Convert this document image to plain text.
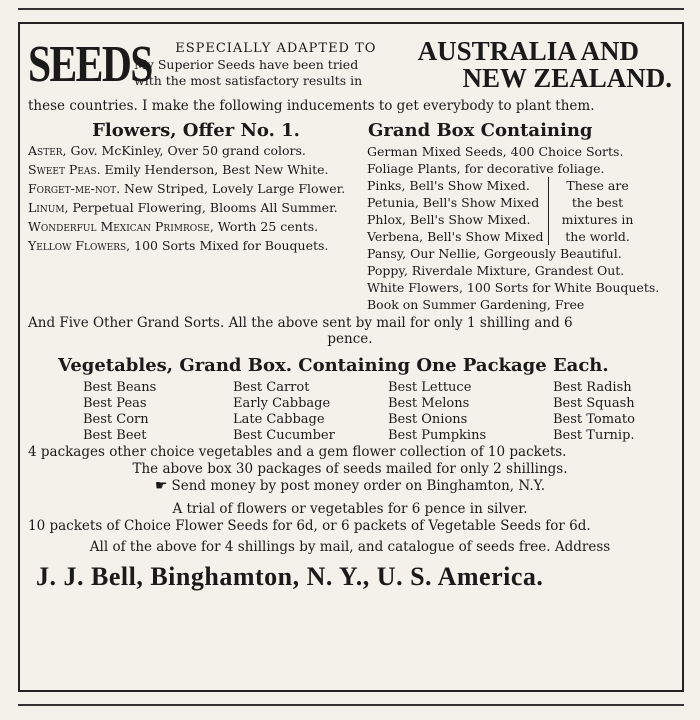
SEEDS	ESPECIALLY ADAPTED TO
My Superior Seeds have been tried
with the most satisfactory results in
AUSTRALIA AND
NEW ZEALAND.
these countries. I make the following inducements to get everybody to plant them.
Flowers, Offer No. 1.	Grand Box Containing
Aster, Gov. McKinley, Over 50 grand colors.
Sweet Peas. Emily Henderson, Best New White.
Forget-me-not. New Striped, Lovely Large Flower.
Linum, Perpetual Flowering, Blooms All Summer.
Wonderful Mexican Primrose, Worth 25 cents.
Yellow Flowers, 100 Sorts Mixed for Bouquets.
German Mixed Seeds, 400 Choice Sorts.
Foliage Plants, for decorative foliage.
Pinks, Bell's Show Mixed.
Petunia, Bell's Show Mixed
Phlox, Bell's Show Mixed.
Verbena, Bell's Show Mixed
These are the best mixtures in the world.
Pansy, Our Nellie, Gorgeously Beautiful.
Poppy, Riverdale Mixture, Grandest Out.
White Flowers, 100 Sorts for White Bouquets.
Book on Summer Gardening, Free
And Five Other Grand Sorts. All the above sent by mail for only 1 shilling and 6
pence.
Vegetables, Grand Box. Containing One Package Each.
Best Beans	Best Carrot	Best Lettuce	Best Radish
Best Peas	Early Cabbage	Best Melons	Best Squash
Best Corn	Late Cabbage	Best Onions	Best Tomato
Best Beet	Best Cucumber	Best Pumpkins	Best Turnip.
4 packages other choice vegetables and a gem flower collection of 10 packets.
The above box 30 packages of seeds mailed for only 2 shillings.
☛ Send money by post money order on Binghamton, N.Y.
A trial of flowers or vegetables for 6 pence in silver.
10 packets of Choice Flower Seeds for 6d, or 6 packets of Vegetable Seeds for 6d.
All of the above for 4 shillings by mail, and catalogue of seeds free. Address
J. J. Bell, Binghamton, N. Y., U. S. America.
